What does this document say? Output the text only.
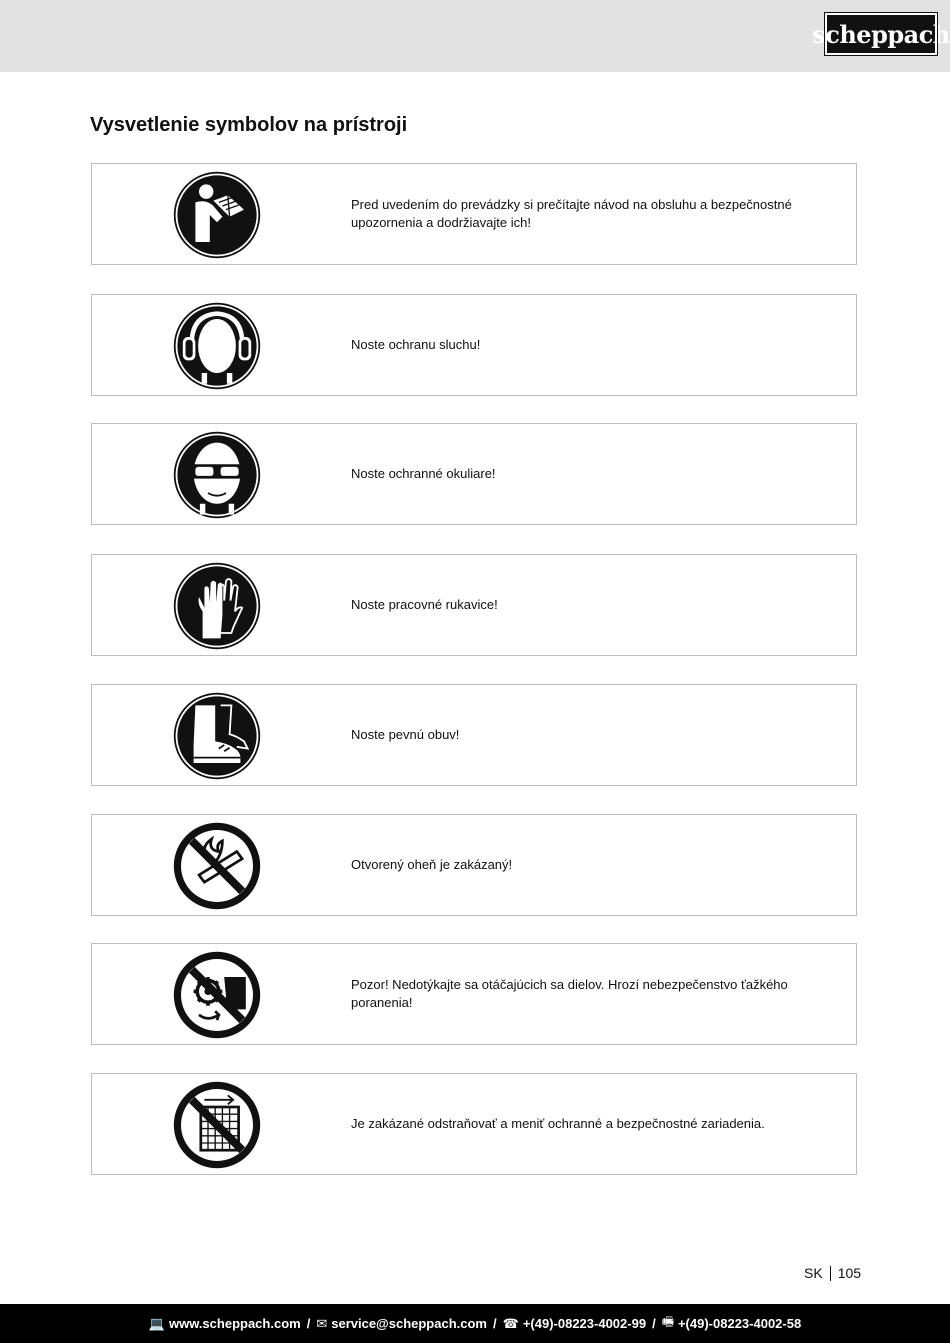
scheppach
Vysvetlenie symbolov na prístroji
Pred uvedením do prevádzky si prečítajte návod na obsluhu a bezpečnostné upozornenia a dodržiavajte ich!
Noste ochranu sluchu!
Noste ochranné okuliare!
Noste pracovné rukavice!
Noste pevnú obuv!
Otvorený oheň je zakázaný!
Pozor! Nedotýkajte sa otáčajúcich sa dielov. Hrozí nebezpečenstvo ťažkého poranenia!
Je zakázané odstraňovať a meniť ochranné a bezpečnostné zariadenia.
SK 105
💻 www.scheppach.com / ✉ service@scheppach.com / ☎ +(49)-08223-4002-99 / 🖷 +(49)-08223-4002-58
